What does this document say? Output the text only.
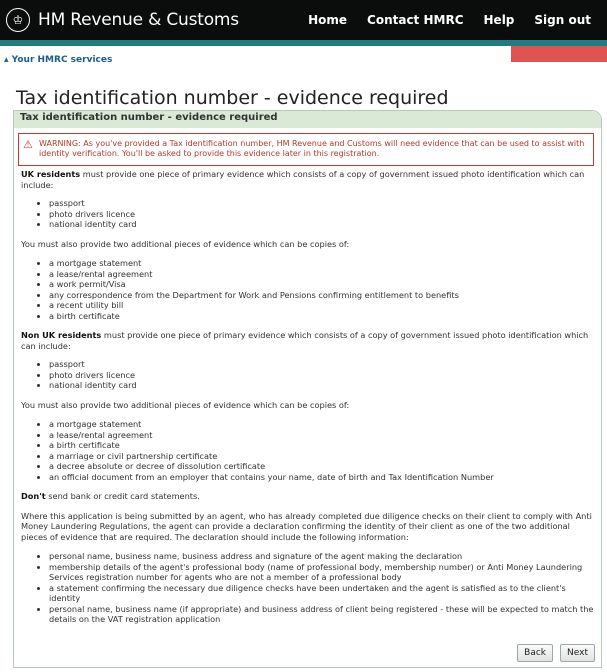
♔ HM Revenue & Customs	Home Contact HMRC Help Sign out
▴ Your HMRC services
Tax identification number - evidence required
Tax identification number - evidence required
⚠ WARNING: As you've provided a Tax identification number, HM Revenue and Customs will need evidence that can be used to assist with identity verification. You'll be asked to provide this evidence later in this registration.

UK residents must provide one piece of primary evidence which consists of a copy of government issued photo identification which can include:

• passport
• photo drivers licence
• national identity card

You must also provide two additional pieces of evidence which can be copies of:

• a mortgage statement
• a lease/rental agreement
• a work permit/Visa
• any correspondence from the Department for Work and Pensions confirming entitlement to benefits
• a recent utility bill
• a birth certificate

Non UK residents must provide one piece of primary evidence which consists of a copy of government issued photo identification which can include:

• passport
• photo drivers licence
• national identity card

You must also provide two additional pieces of evidence which can be copies of:

• a mortgage statement
• a lease/rental agreement
• a birth certificate
• a marriage or civil partnership certificate
• a decree absolute or decree of dissolution certificate
• an official document from an employer that contains your name, date of birth and Tax Identification Number

Don't send bank or credit card statements.

Where this application is being submitted by an agent, who has already completed due diligence checks on their client to comply with Anti Money Laundering Regulations, the agent can provide a declaration confirming the identity of their client as one of the two additional pieces of evidence that are required. The declaration should include the following information:

• personal name, business name, business address and signature of the agent making the declaration
• membership details of the agent's professional body (name of professional body, membership number) or Anti Money Laundering Services registration number for agents who are not a member of a professional body
• a statement confirming the necessary due diligence checks have been undertaken and the agent is satisfied as to the client's identity
• personal name, business name (if appropriate) and business address of client being registered - these will be expected to match the details on the VAT registration application
Back	Next
